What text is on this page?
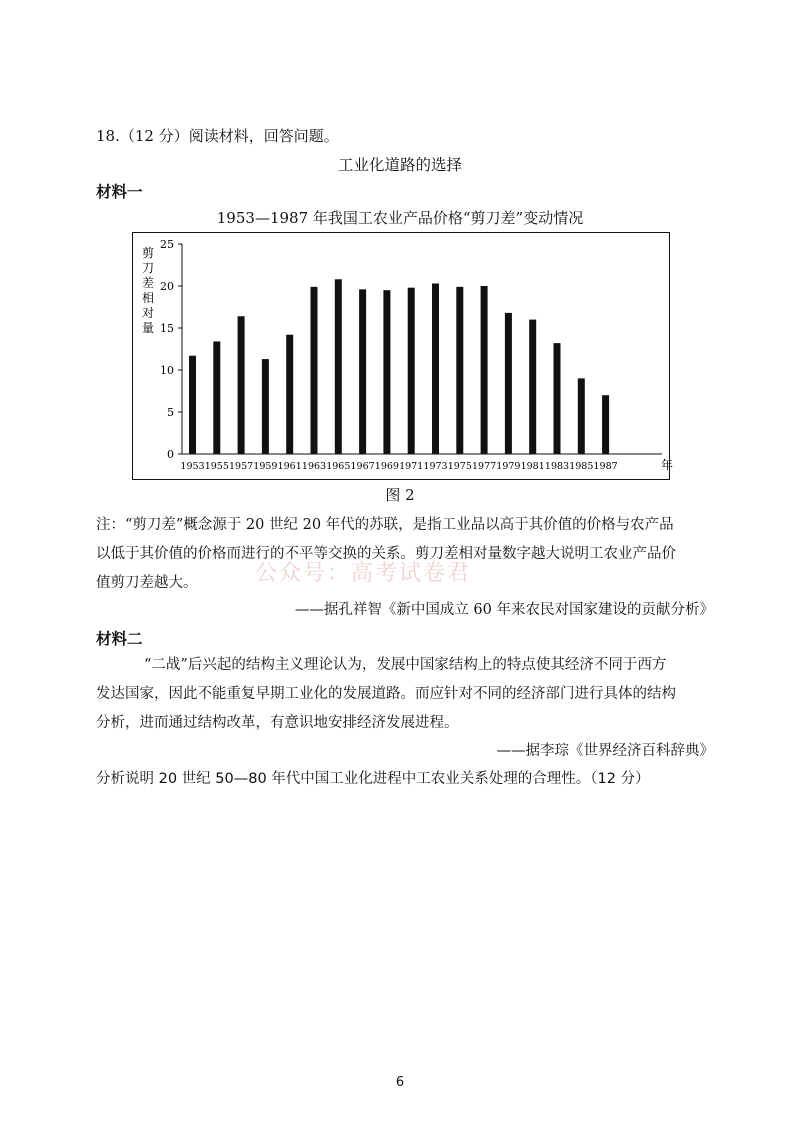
18.（12 分）阅读材料，回答问题。
工业化道路的选择
材料一
1953—1987 年我国工农业产品价格“剪刀差”变动情况
剪
刀
差
相
对
量
0
5
10
15
20
25
1953 1955 1957 1959 1961 1963 1965 1967 1969 1971 1973 1975 1977 1979 1981 1983 1985 1987	年
图 2
公众号：高考试卷君
注：“剪刀差”概念源于 20 世纪 20 年代的苏联，是指工业品以高于其价值的价格与农产品
以低于其价值的价格而进行的不平等交换的关系。剪刀差相对量数字越大说明工农业产品价
值剪刀差越大。
——据孔祥智《新中国成立 60 年来农民对国家建设的贡献分析》
材料二
“二战”后兴起的结构主义理论认为，发展中国家结构上的特点使其经济不同于西方
发达国家，因此不能重复早期工业化的发展道路。而应针对不同的经济部门进行具体的结构
分析，进而通过结构改革，有意识地安排经济发展进程。
——据李琮《世界经济百科辞典》
分析说明 20 世纪 50—80 年代中国工业化进程中工农业关系处理的合理性。（12 分）
6
